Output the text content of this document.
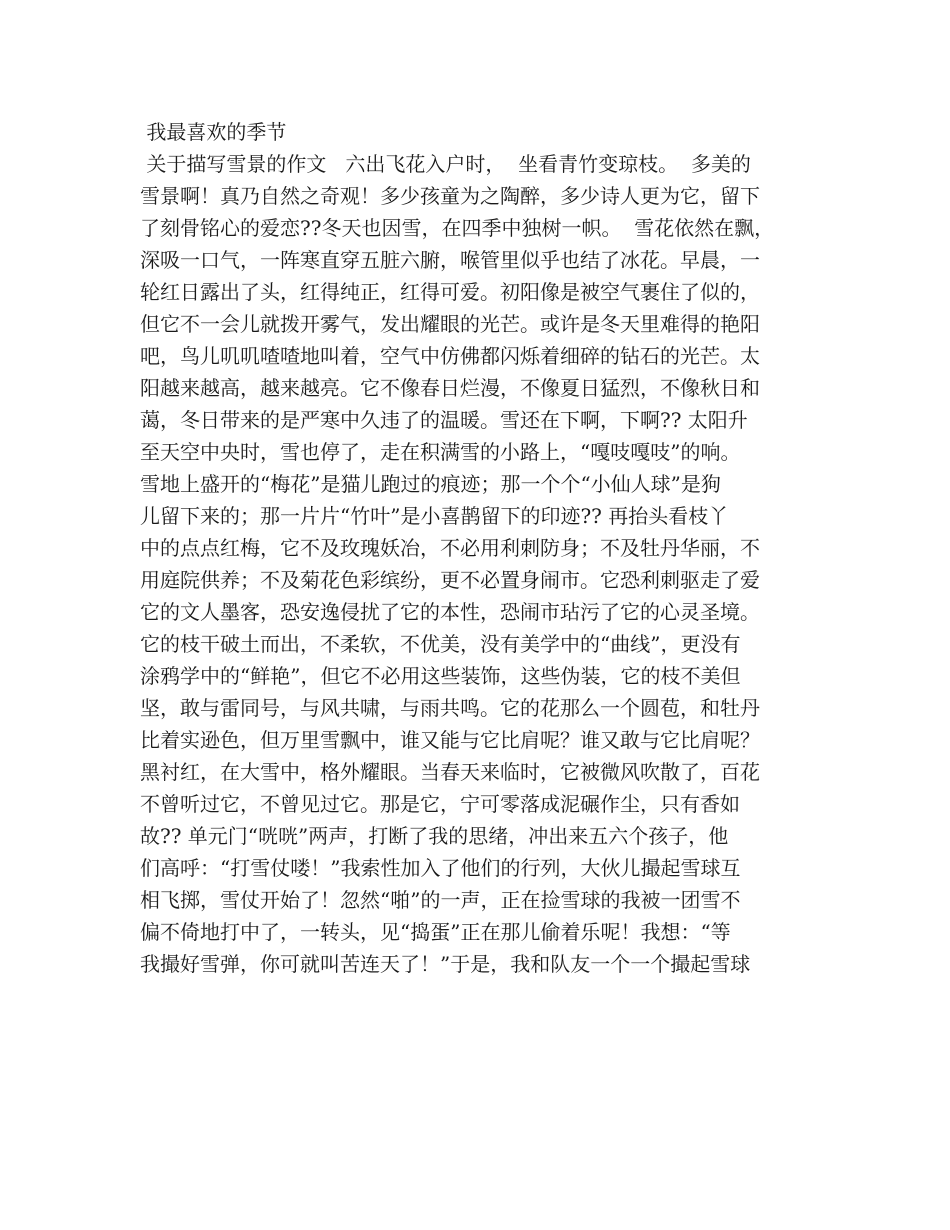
我最喜欢的季节
关于描写雪景的作文   六出飞花入户时，  坐看青竹变琼枝。  多美的
雪景啊！真乃自然之奇观！多少孩童为之陶醉，多少诗人更为它，留下
了刻骨铭心的爱恋??冬天也因雪，在四季中独树一帜。  雪花依然在飘，
深吸一口气，一阵寒直穿五脏六腑，喉管里似乎也结了冰花。早晨，一
轮红日露出了头，红得纯正，红得可爱。初阳像是被空气裹住了似的，
但它不一会儿就拨开雾气，发出耀眼的光芒。或许是冬天里难得的艳阳
吧，鸟儿叽叽喳喳地叫着，空气中仿佛都闪烁着细碎的钻石的光芒。太
阳越来越高，越来越亮。它不像春日烂漫，不像夏日猛烈，不像秋日和
蔼，冬日带来的是严寒中久违了的温暖。雪还在下啊，下啊?? 太阳升
至天空中央时，雪也停了，走在积满雪的小路上，“嘎吱嘎吱”的响。
雪地上盛开的“梅花”是猫儿跑过的痕迹；那一个个“小仙人球”是狗
儿留下来的；那一片片“竹叶”是小喜鹊留下的印迹?? 再抬头看枝丫
中的点点红梅，它不及玫瑰妖冶，不必用利刺防身；不及牡丹华丽，不
用庭院供养；不及菊花色彩缤纷，更不必置身闹市。它恐利刺驱走了爱
它的文人墨客，恐安逸侵扰了它的本性，恐闹市玷污了它的心灵圣境。
它的枝干破土而出，不柔软，不优美，没有美学中的“曲线”，更没有
涂鸦学中的“鲜艳”，但它不必用这些装饰，这些伪装，它的枝不美但
坚，敢与雷同号，与风共啸，与雨共鸣。它的花那么一个圆苞，和牡丹
比着实逊色，但万里雪飘中，谁又能与它比肩呢？谁又敢与它比肩呢？
黑衬红，在大雪中，格外耀眼。当春天来临时，它被微风吹散了，百花
不曾听过它，不曾见过它。那是它，宁可零落成泥碾作尘，只有香如
故?? 单元门“咣咣”两声，打断了我的思绪，冲出来五六个孩子，他
们高呼：“打雪仗喽！”我索性加入了他们的行列，大伙儿撮起雪球互
相飞掷，雪仗开始了！忽然“啪”的一声，正在捡雪球的我被一团雪不
偏不倚地打中了，一转头，见“捣蛋”正在那儿偷着乐呢！我想：“等
我撮好雪弹，你可就叫苦连天了！”于是，我和队友一个一个撮起雪球
